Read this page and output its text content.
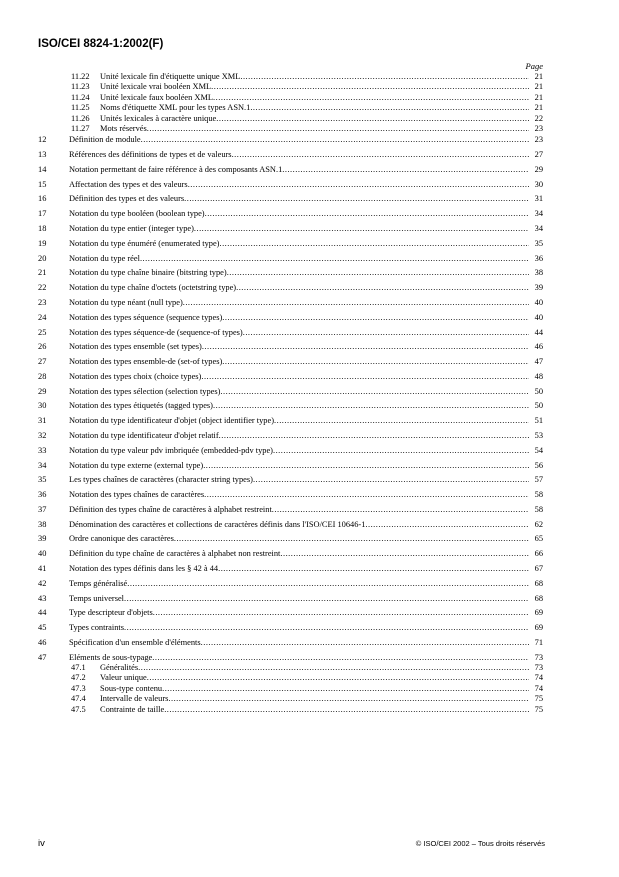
ISO/CEI 8824-1:2002(F)
Page
11.22 Unité lexicale fin d'étiquette unique XML .....	21
11.23 Unité lexicale vrai booléen XML .....	21
11.24 Unité lexicale faux booléen XML .....	21
11.25 Noms d'étiquette XML pour les types ASN.1 .....	21
11.26 Unités lexicales à caractère unique .....	22
11.27 Mots réservés .....	23
12	Définition de module .....	23
13	Références des définitions de types et de valeurs .....	27
14	Notation permettant de faire référence à des composants ASN.1 .....	29
15	Affectation des types et des valeurs .....	30
16	Définition des types et des valeurs .....	31
17	Notation du type booléen (boolean type) .....	34
18	Notation du type entier (integer type) .....	34
19	Notation du type énuméré (enumerated type) .....	35
20	Notation du type réel .....	36
21	Notation du type chaîne binaire (bitstring type) .....	38
22	Notation du type chaîne d'octets (octetstring type) .....	39
23	Notation du type néant (null type) .....	40
24	Notation des types séquence (sequence types) .....	40
25	Notation des types séquence-de (sequence-of types) .....	44
26	Notation des types ensemble (set types) .....	46
27	Notation des types ensemble-de (set-of types) .....	47
28	Notation des types choix (choice types) .....	48
29	Notation des types sélection (selection types) .....	50
30	Notation des types étiquetés (tagged types) .....	50
31	Notation du type identificateur d'objet (object identifier type) .....	51
32	Notation du type identificateur d'objet relatif .....	53
33	Notation du type valeur pdv imbriquée (embedded-pdv type) .....	54
34	Notation du type externe (external type) .....	56
35	Les types chaînes de caractères (character string types) .....	57
36	Notation des types chaînes de caractères .....	58
37	Définition des types chaîne de caractères à alphabet restreint .....	58
38	Dénomination des caractères et collections de caractères définis dans l'ISO/CEI 10646-1 .....	62
39	Ordre canonique des caractères .....	65
40	Définition du type chaîne de caractères à alphabet non restreint .....	66
41	Notation des types définis dans les § 42 à 44 .....	67
42	Temps généralisé .....	68
43	Temps universel .....	68
44	Type descripteur d'objets .....	69
45	Types contraints .....	69
46	Spécification d'un ensemble d'éléments .....	71
47	Eléments de sous-typage .....	73
47.1 Généralités .....	73
47.2 Valeur unique .....	74
47.3 Sous-type contenu .....	74
47.4 Intervalle de valeurs .....	75
47.5 Contrainte de taille .....	75
iv	© ISO/CEI 2002 – Tous droits réservés
